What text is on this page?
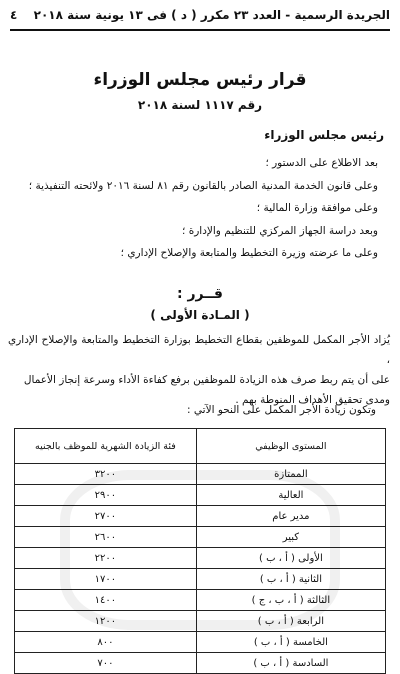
الجريدة الرسمية - العدد ٢٣ مكرر ( د ) فى ١٣ يونية سنة ٢٠١٨
٤
قرار رئيس مجلس الوزراء
رقم ١١١٧ لسنة ٢٠١٨
رئيس مجلس الوزراء

بعد الاطلاع على الدستور ؛

وعلى قانون الخدمة المدنية الصادر بالقانون رقم ٨١ لسنة ٢٠١٦ ولائحته التنفيذية ؛

وعلى موافقة وزارة المالية ؛

وبعد دراسة الجهاز المركزي للتنظيم والإدارة ؛

وعلى ما عرضته وزيرة التخطيط والمتابعة والإصلاح الإداري ؛

قــرر :
( المـادة الأولى )

يُزاد الأجر المكمل للموظفين بقطاع التخطيط بوزارة التخطيط والمتابعة والإصلاح الإداري ،

على أن يتم ربط صرف هذه الزيادة للموظفين برفع كفاءة الأداء وسرعة إنجاز الأعمال

ومدى تحقيق الأهداف المنوطة بهم .

وتكون زيادة الأجر المكمل على النحو الآتي :
المستوى الوظيفي	فئة الزيادة الشهرية للموظف بالجنيه
الممتازة	٣٢٠٠
العالية	٢٩٠٠
مدير عام	٢٧٠٠
كبير	٢٦٠٠
الأولى ( أ ، ب )	٢٢٠٠
الثانية ( أ ، ب )	١٧٠٠
الثالثة ( أ ، ب ، ج )	١٤٠٠
الرابعة ( أ ، ب )	١٢٠٠
الخامسة ( أ ، ب )	٨٠٠
السادسة ( أ ، ب )	٧٠٠
